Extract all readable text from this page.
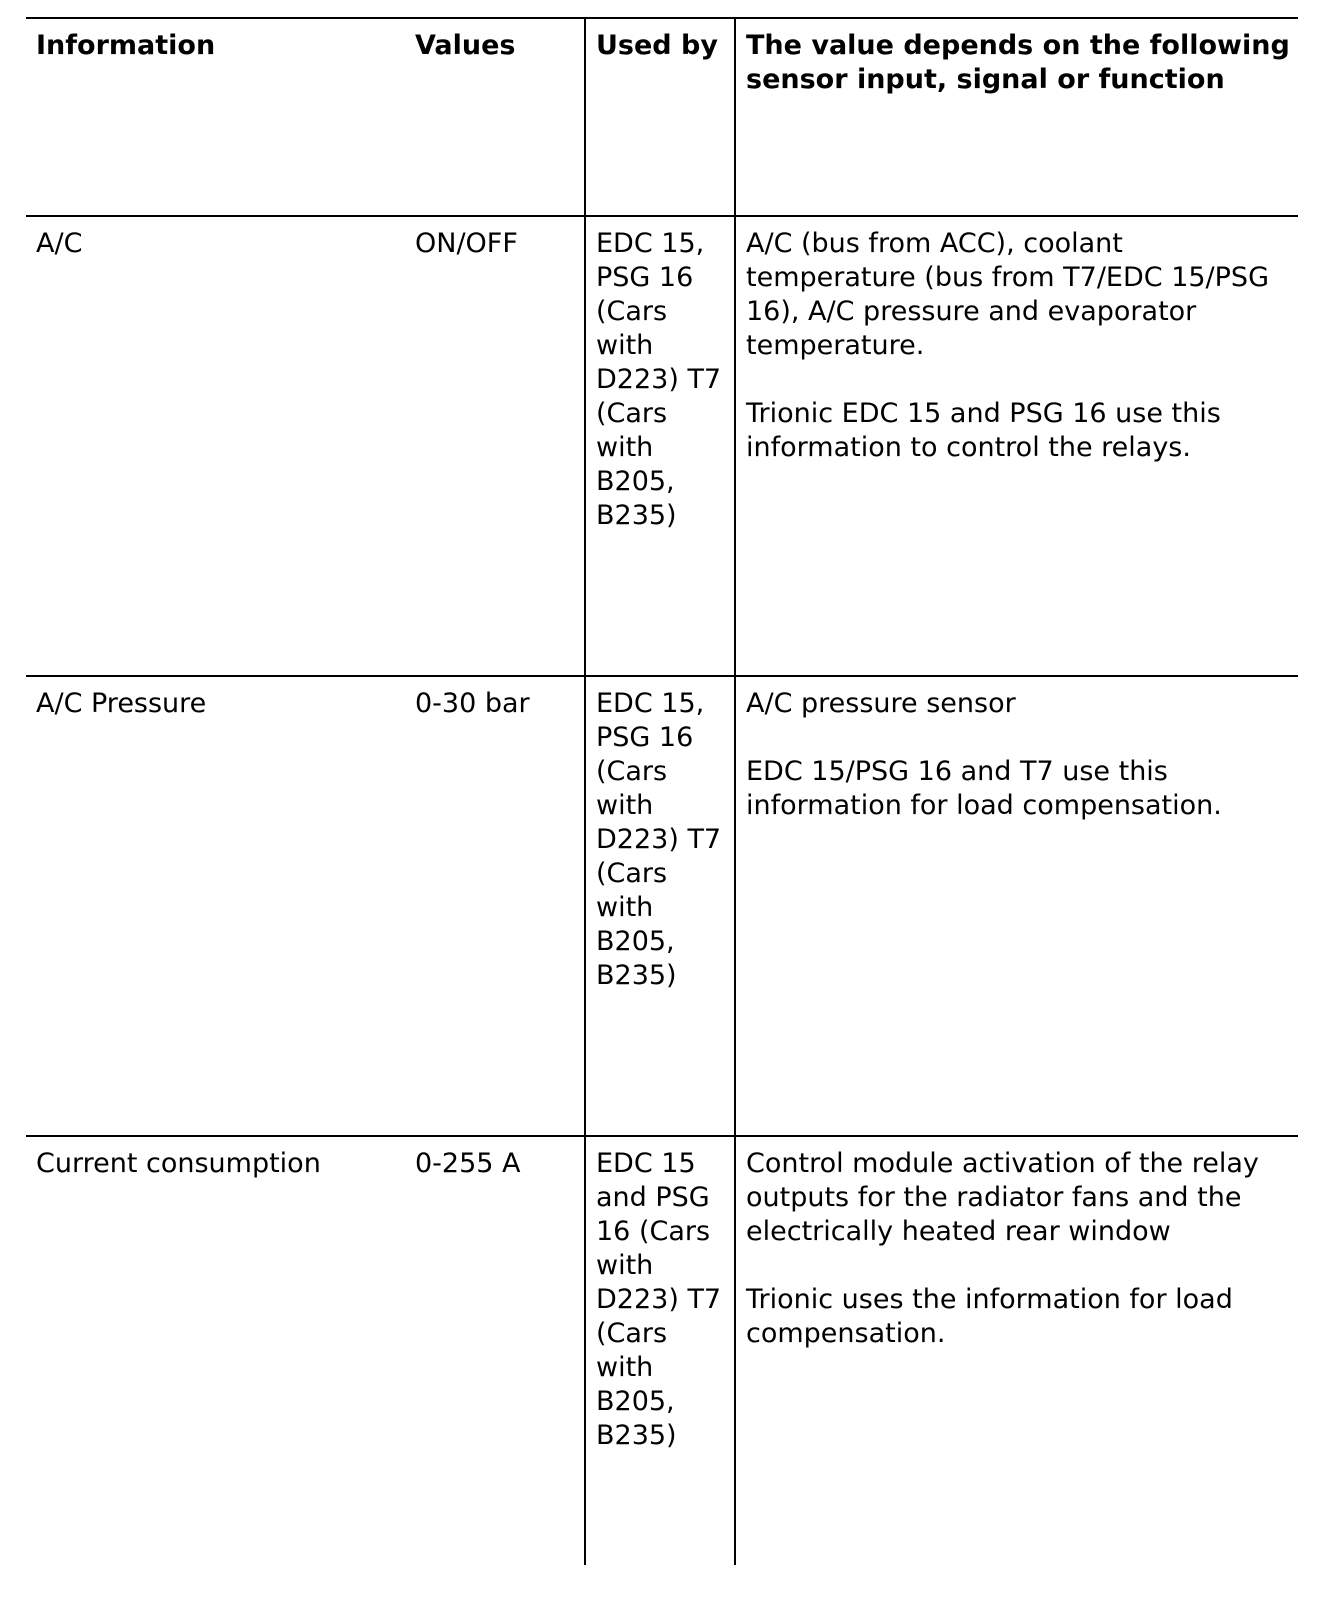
Information	Values	Used by	The value depends on the following sensor input, signal or function
A/C	ON/OFF	EDC 15, PSG 16 (Cars with D223) T7 (Cars with B205, B235)	A/C (bus from ACC), coolant temperature (bus from T7/EDC 15/PSG 16), A/C pressure and evaporator temperature.
Trionic EDC 15 and PSG 16 use this information to control the relays.

A/C Pressure	0-30 bar	EDC 15, PSG 16 (Cars with D223) T7 (Cars with B205, B235)	A/C pressure sensor
EDC 15/PSG 16 and T7 use this information for load compensation.

Current consumption	0-255 A	EDC 15 and PSG 16 (Cars with D223) T7 (Cars with B205, B235)	Control module activation of the relay outputs for the radiator fans and the electrically heated rear window
Trionic uses the information for load compensation.
